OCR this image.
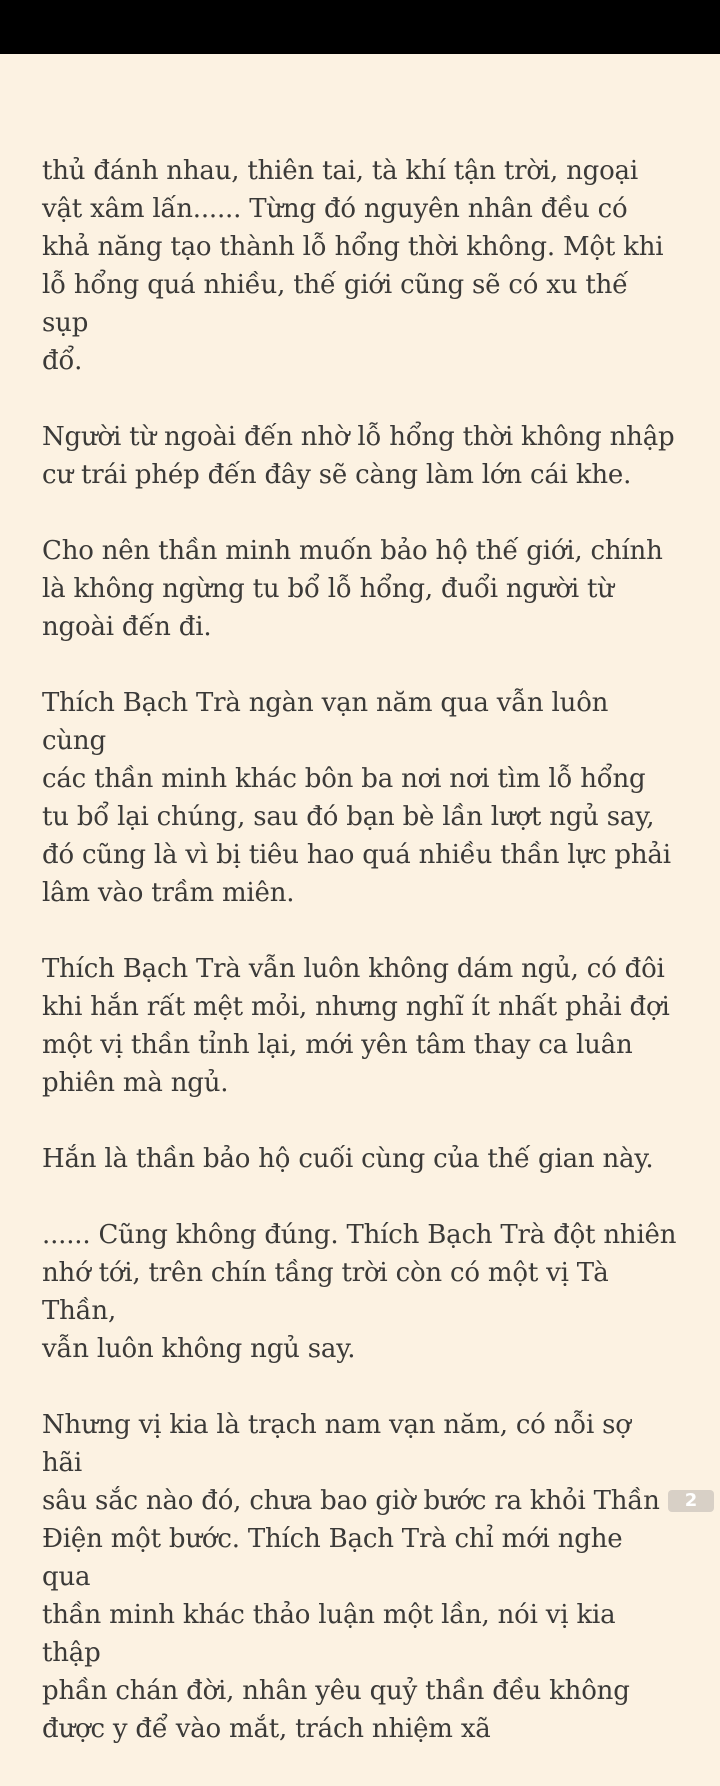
thủ đánh nhau, thiên tai, tà khí tận trời, ngoại
vật xâm lấn...... Từng đó nguyên nhân đều có
khả năng tạo thành lỗ hổng thời không. Một khi
lỗ hổng quá nhiều, thế giới cũng sẽ có xu thế sụp
đổ.

Người từ ngoài đến nhờ lỗ hổng thời không nhập
cư trái phép đến đây sẽ càng làm lớn cái khe.

Cho nên thần minh muốn bảo hộ thế giới, chính
là không ngừng tu bổ lỗ hổng, đuổi người từ
ngoài đến đi.

Thích Bạch Trà ngàn vạn năm qua vẫn luôn cùng
các thần minh khác bôn ba nơi nơi tìm lỗ hổng
tu bổ lại chúng, sau đó bạn bè lần lượt ngủ say,
đó cũng là vì bị tiêu hao quá nhiều thần lực phải
lâm vào trầm miên.

Thích Bạch Trà vẫn luôn không dám ngủ, có đôi
khi hắn rất mệt mỏi, nhưng nghĩ ít nhất phải đợi
một vị thần tỉnh lại, mới yên tâm thay ca luân
phiên mà ngủ.

Hắn là thần bảo hộ cuối cùng của thế gian này.

...... Cũng không đúng. Thích Bạch Trà đột nhiên
nhớ tới, trên chín tầng trời còn có một vị Tà Thần,
vẫn luôn không ngủ say.

Nhưng vị kia là trạch nam vạn năm, có nỗi sợ hãi
sâu sắc nào đó, chưa bao giờ bước ra khỏi Thần
Điện một bước. Thích Bạch Trà chỉ mới nghe qua
thần minh khác thảo luận một lần, nói vị kia thập
phần chán đời, nhân yêu quỷ thần đều không
được y để vào mắt, trách nhiệm xã

2
